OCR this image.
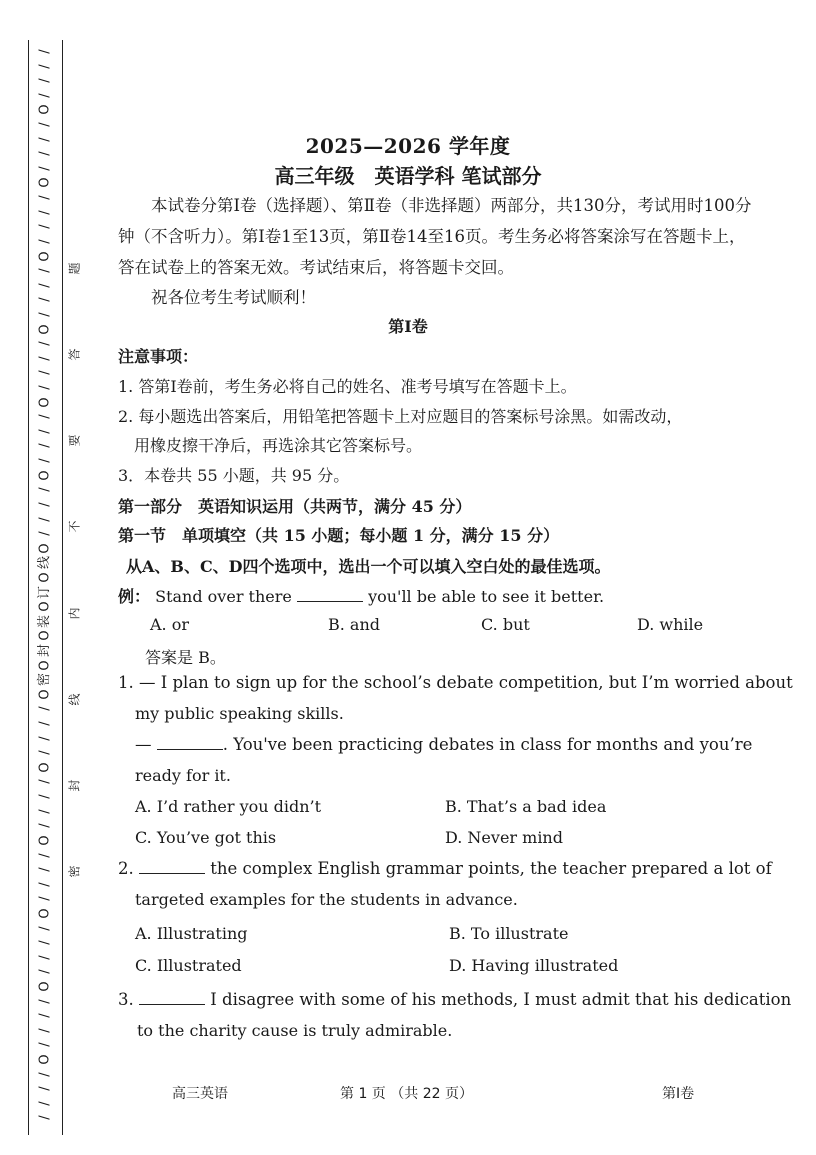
/
/
/
/
O
/
/
/
/
O
/
/
/
/
O
/
/
/
/
O
/
/
/
/
O
/
/
/
/
O
/
/
/
/
O
线
O
订
O
装
O
封
O
密
O
/
/
/
/
O
/
/
/
/
O
/
/
/
/
O
/
/
/
/
O
/
/
/
/
O
/
/
/
/
题
答
要
不
内
线
封
密
2025—2026 学年度
高三年级　英语学科 笔试部分
本试卷分第Ⅰ卷（选择题）、第Ⅱ卷（非选择题）两部分，共130分，考试用时100分钟（不含听力）。第Ⅰ卷1至13页，第Ⅱ卷14至16页。考生务必将答案涂写在答题卡上，答在试卷上的答案无效。考试结束后，将答题卡交回。
祝各位考生考试顺利！
第Ⅰ卷
注意事项：
1. 答第Ⅰ卷前，考生务必将自己的姓名、准考号填写在答题卡上。
2. 每小题选出答案后，用铅笔把答题卡上对应题目的答案标号涂黑。如需改动，
用橡皮擦干净后，再选涂其它答案标号。
3．本卷共 55 小题，共 95 分。
第一部分　英语知识运用（共两节，满分 45 分）
第一节　单项填空（共 15 小题；每小题 1 分，满分 15 分）
从A、B、C、D四个选项中，选出一个可以填入空白处的最佳选项。
例： Stand over there	you'll be able to see it better.
A. or	B. and	C. but	D. while
答案是 B。
1. — I plan to sign up for the school’s debate competition, but I’m worried about
my public speaking skills.
—	. You've been practicing debates in class for months and you’re
ready for it.
A. I’d rather you didn’t	B. That’s a bad idea
C. You’ve got this	D. Never mind
2.	the complex English grammar points, the teacher prepared a lot of
targeted examples for the students in advance.
A. Illustrating	B. To illustrate
C. Illustrated	D. Having illustrated
3.	I disagree with some of his methods, I must admit that his dedication
to the charity cause is truly admirable.
高三英语	第 1 页 （共 22 页）	第Ⅰ卷
